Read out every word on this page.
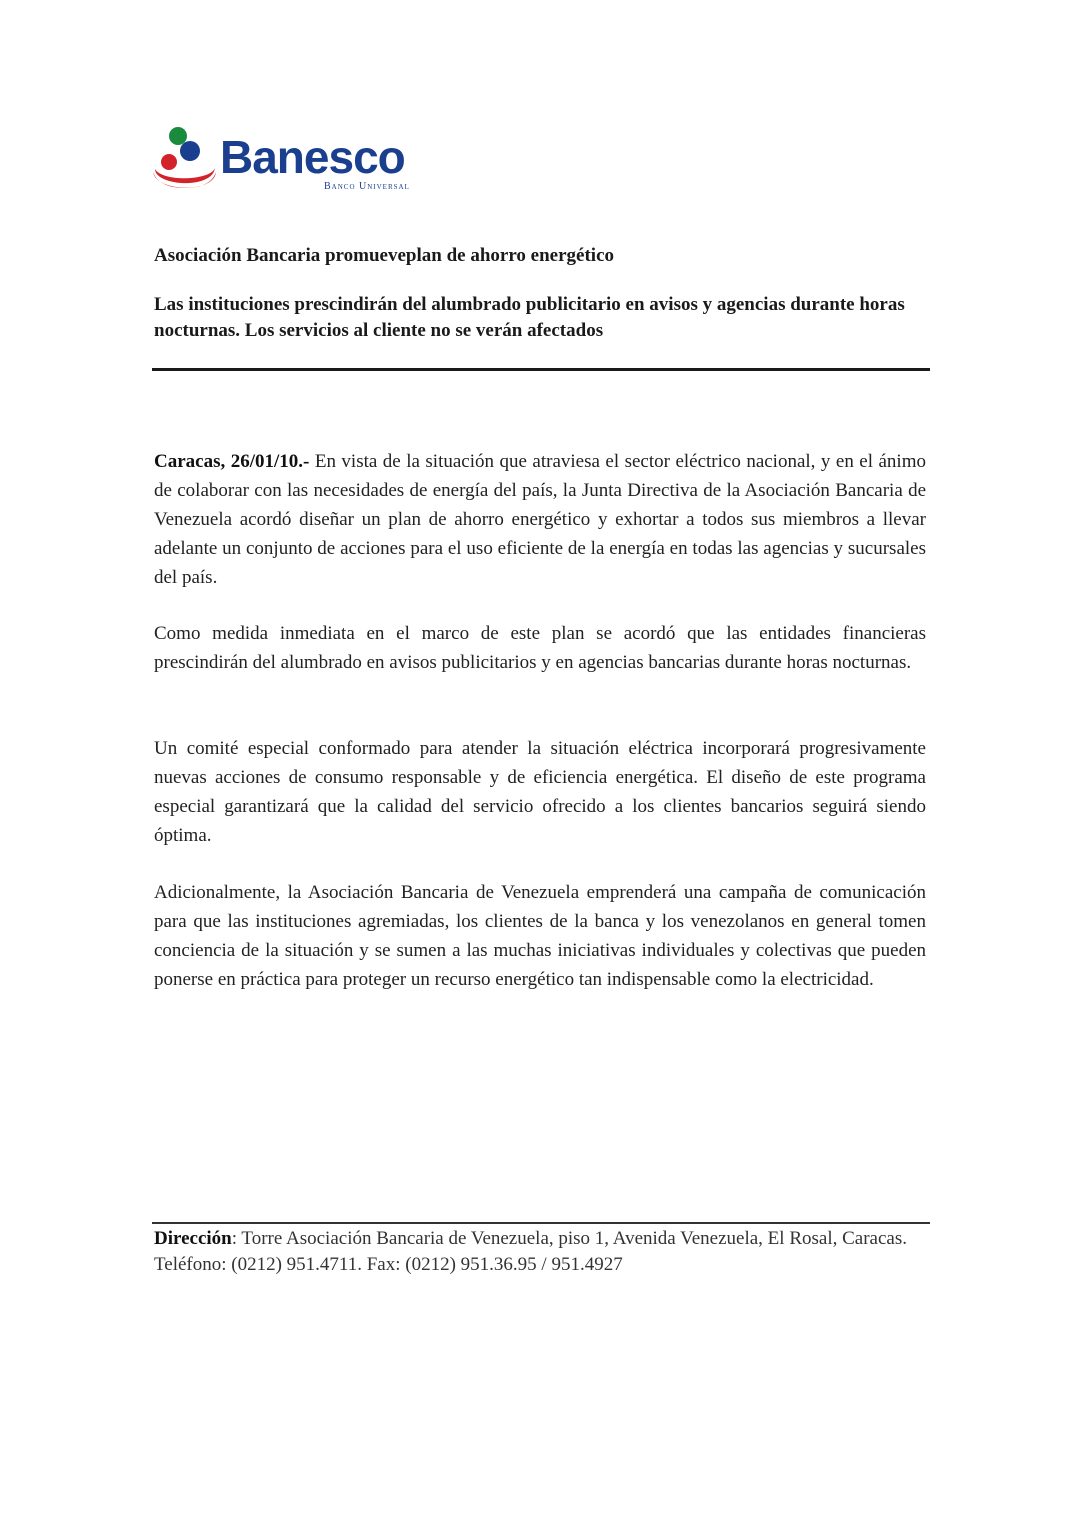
Banesco
Banco Universal
Asociación Bancaria promueveplan de ahorro energético
Las instituciones prescindirán del alumbrado publicitario en avisos y agencias durante horas nocturnas. Los servicios al cliente no se verán afectados

Caracas, 26/01/10.- En vista de la situación que atraviesa el sector eléctrico nacional, y en el ánimo de colaborar con las necesidades de energía del país, la Junta Directiva de la Asociación Bancaria de Venezuela acordó diseñar un plan de ahorro energético y exhortar a todos sus miembros a llevar adelante un conjunto de acciones para el uso eficiente de la energía en todas las agencias y sucursales del país.

Como medida inmediata en el marco de este plan se acordó que las entidades financieras prescindirán del alumbrado en avisos publicitarios y en agencias bancarias durante horas nocturnas.

Un comité especial conformado para atender la situación eléctrica incorporará progresivamente nuevas acciones de consumo responsable y de eficiencia energética. El diseño de este programa especial garantizará que la calidad del servicio ofrecido a los clientes bancarios seguirá siendo óptima.

Adicionalmente, la Asociación Bancaria de Venezuela emprenderá una campaña de comunicación para que las instituciones agremiadas, los clientes de la banca y los venezolanos en general tomen conciencia de la situación y se sumen a las muchas iniciativas individuales y colectivas que pueden ponerse en práctica para proteger un recurso energético tan indispensable como la electricidad.

Dirección: Torre Asociación Bancaria de Venezuela, piso 1, Avenida Venezuela, El Rosal, Caracas. Teléfono: (0212) 951.4711. Fax: (0212) 951.36.95 / 951.4927
